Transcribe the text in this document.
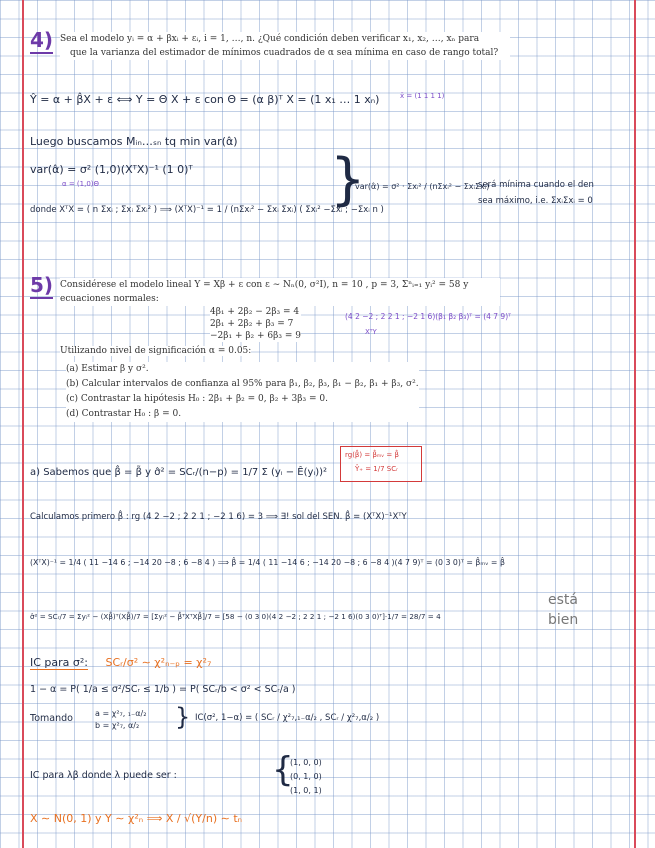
4) Sea el modelo yᵢ = α + βxᵢ + εᵢ, i = 1, …, n. ¿Qué condición deben verificar x₁, x₂, …, xₙ para
que la varianza del estimador de mínimos cuadrados de α sea mínima en caso de rango total?
Ŷ = α + β̂X + ε ⟺ Y = Θ X + ε con Θ = (α β)ᵀ X = (1 x₁ … 1 xₙ)	x̄ = (1 1 1 1)
Luego buscamos Mᵢₙ…ₛₙ tq min var(α̂)
var(α̂) = σ² (1,0)(XᵀX)⁻¹ (1 0)ᵀ
α = (1,0)Θ
donde XᵀX = ( n Σxᵢ ; Σxᵢ Σxᵢ² ) ⟹ (XᵀX)⁻¹ = 1 / (nΣxᵢ² − Σxᵢ Σxᵢ) ( Σxᵢ² −Σxᵢ ; −Σxᵢ n )
}
var(α̂) = σ² · Σxᵢ² / (nΣxᵢ² − ΣxᵢΣxᵢ)
será mínima cuando el den
sea máximo, i.e. ΣxᵢΣxᵢ = 0
5) Considérese el modelo lineal Y = Xβ + ε con ε ∼ Nₙ(0, σ²I), n = 10 , p = 3, Σⁿᵢ₌₁ yᵢ² = 58 y
ecuaciones normales:
4β₁ + 2β₂ − 2β₃ = 4
2β₁ + 2β₂ + β₃ = 7
−2β₁ + β₂ + 6β₃ = 9
(4 2 −2 ; 2 2 1 ; −2 1 6)(β₁ β₂ β₃)ᵀ = (4 7 9)ᵀ
XᵀY
Utilizando nivel de significación α = 0.05:
(a) Estimar β y σ².
(b) Calcular intervalos de confianza al 95% para β₁, β₂, β₃, β₁ − β₂, β₁ + β₃, σ².
(c) Contrastar la hipótesis H₀ : 2β₁ + β₂ = 0, β₂ + 3β₃ = 0.
(d) Contrastar H₀ : β = 0.
a) Sabemos que β̂ = β̃ y σ̂² = SCᵣ/(n−p) = 1/7 Σ (yᵢ − Ê(yᵢ))²
rg(β̂) = β̂ₘᵥ = β̂
Ŷ₊ = 1/7 SCᵣ
Calculamos primero β̂ : rg (4 2 −2 ; 2 2 1 ; −2 1 6) = 3 ⟹ ∃! sol del SEN. β̂ = (XᵀX)⁻¹XᵀY
(XᵀX)⁻¹ = 1/4 ( 11 −14 6 ; −14 20 −8 ; 6 −8 4 ) ⟹ β̂ = 1/4 ( 11 −14 6 ; −14 20 −8 ; 6 −8 4 )(4 7 9)ᵀ = (0 3 0)ᵀ = β̂ₘᵥ = β̂
σ̂² = SCᵣ/7 = Σyᵢ² − (Xβ̂)ᵀ(Xβ̂)/7 = [Σyᵢ² − β̂ᵀXᵀXβ̂]/7 = [58 − (0 3 0)(4 2 −2 ; 2 2 1 ; −2 1 6)(0 3 0)ᵀ]·1/7 = 28/7 = 4
está
bien
IC para σ²: SCᵣ/σ² ∼ χ²ₙ₋ₚ = χ²₇
1 − α = P( 1/a ≤ σ²/SCᵣ ≤ 1/b ) = P( SCᵣ/b < σ² < SCᵣ/a )
Tomando	a = χ²₇, ₁₋α/₂
b = χ²₇, α/₂	} IC(σ², 1−α) = ( SCᵣ / χ²₇,₁₋α/₂ , SCᵣ / χ²₇,α/₂ )
IC para λβ donde λ puede ser :	{
(1, 0, 0)
(0, 1, 0)
(1, 0, 1)
X ∼ N(0, 1) y Y ∼ χ²ₙ ⟹ X / √(Y/n) ∼ tₙ
